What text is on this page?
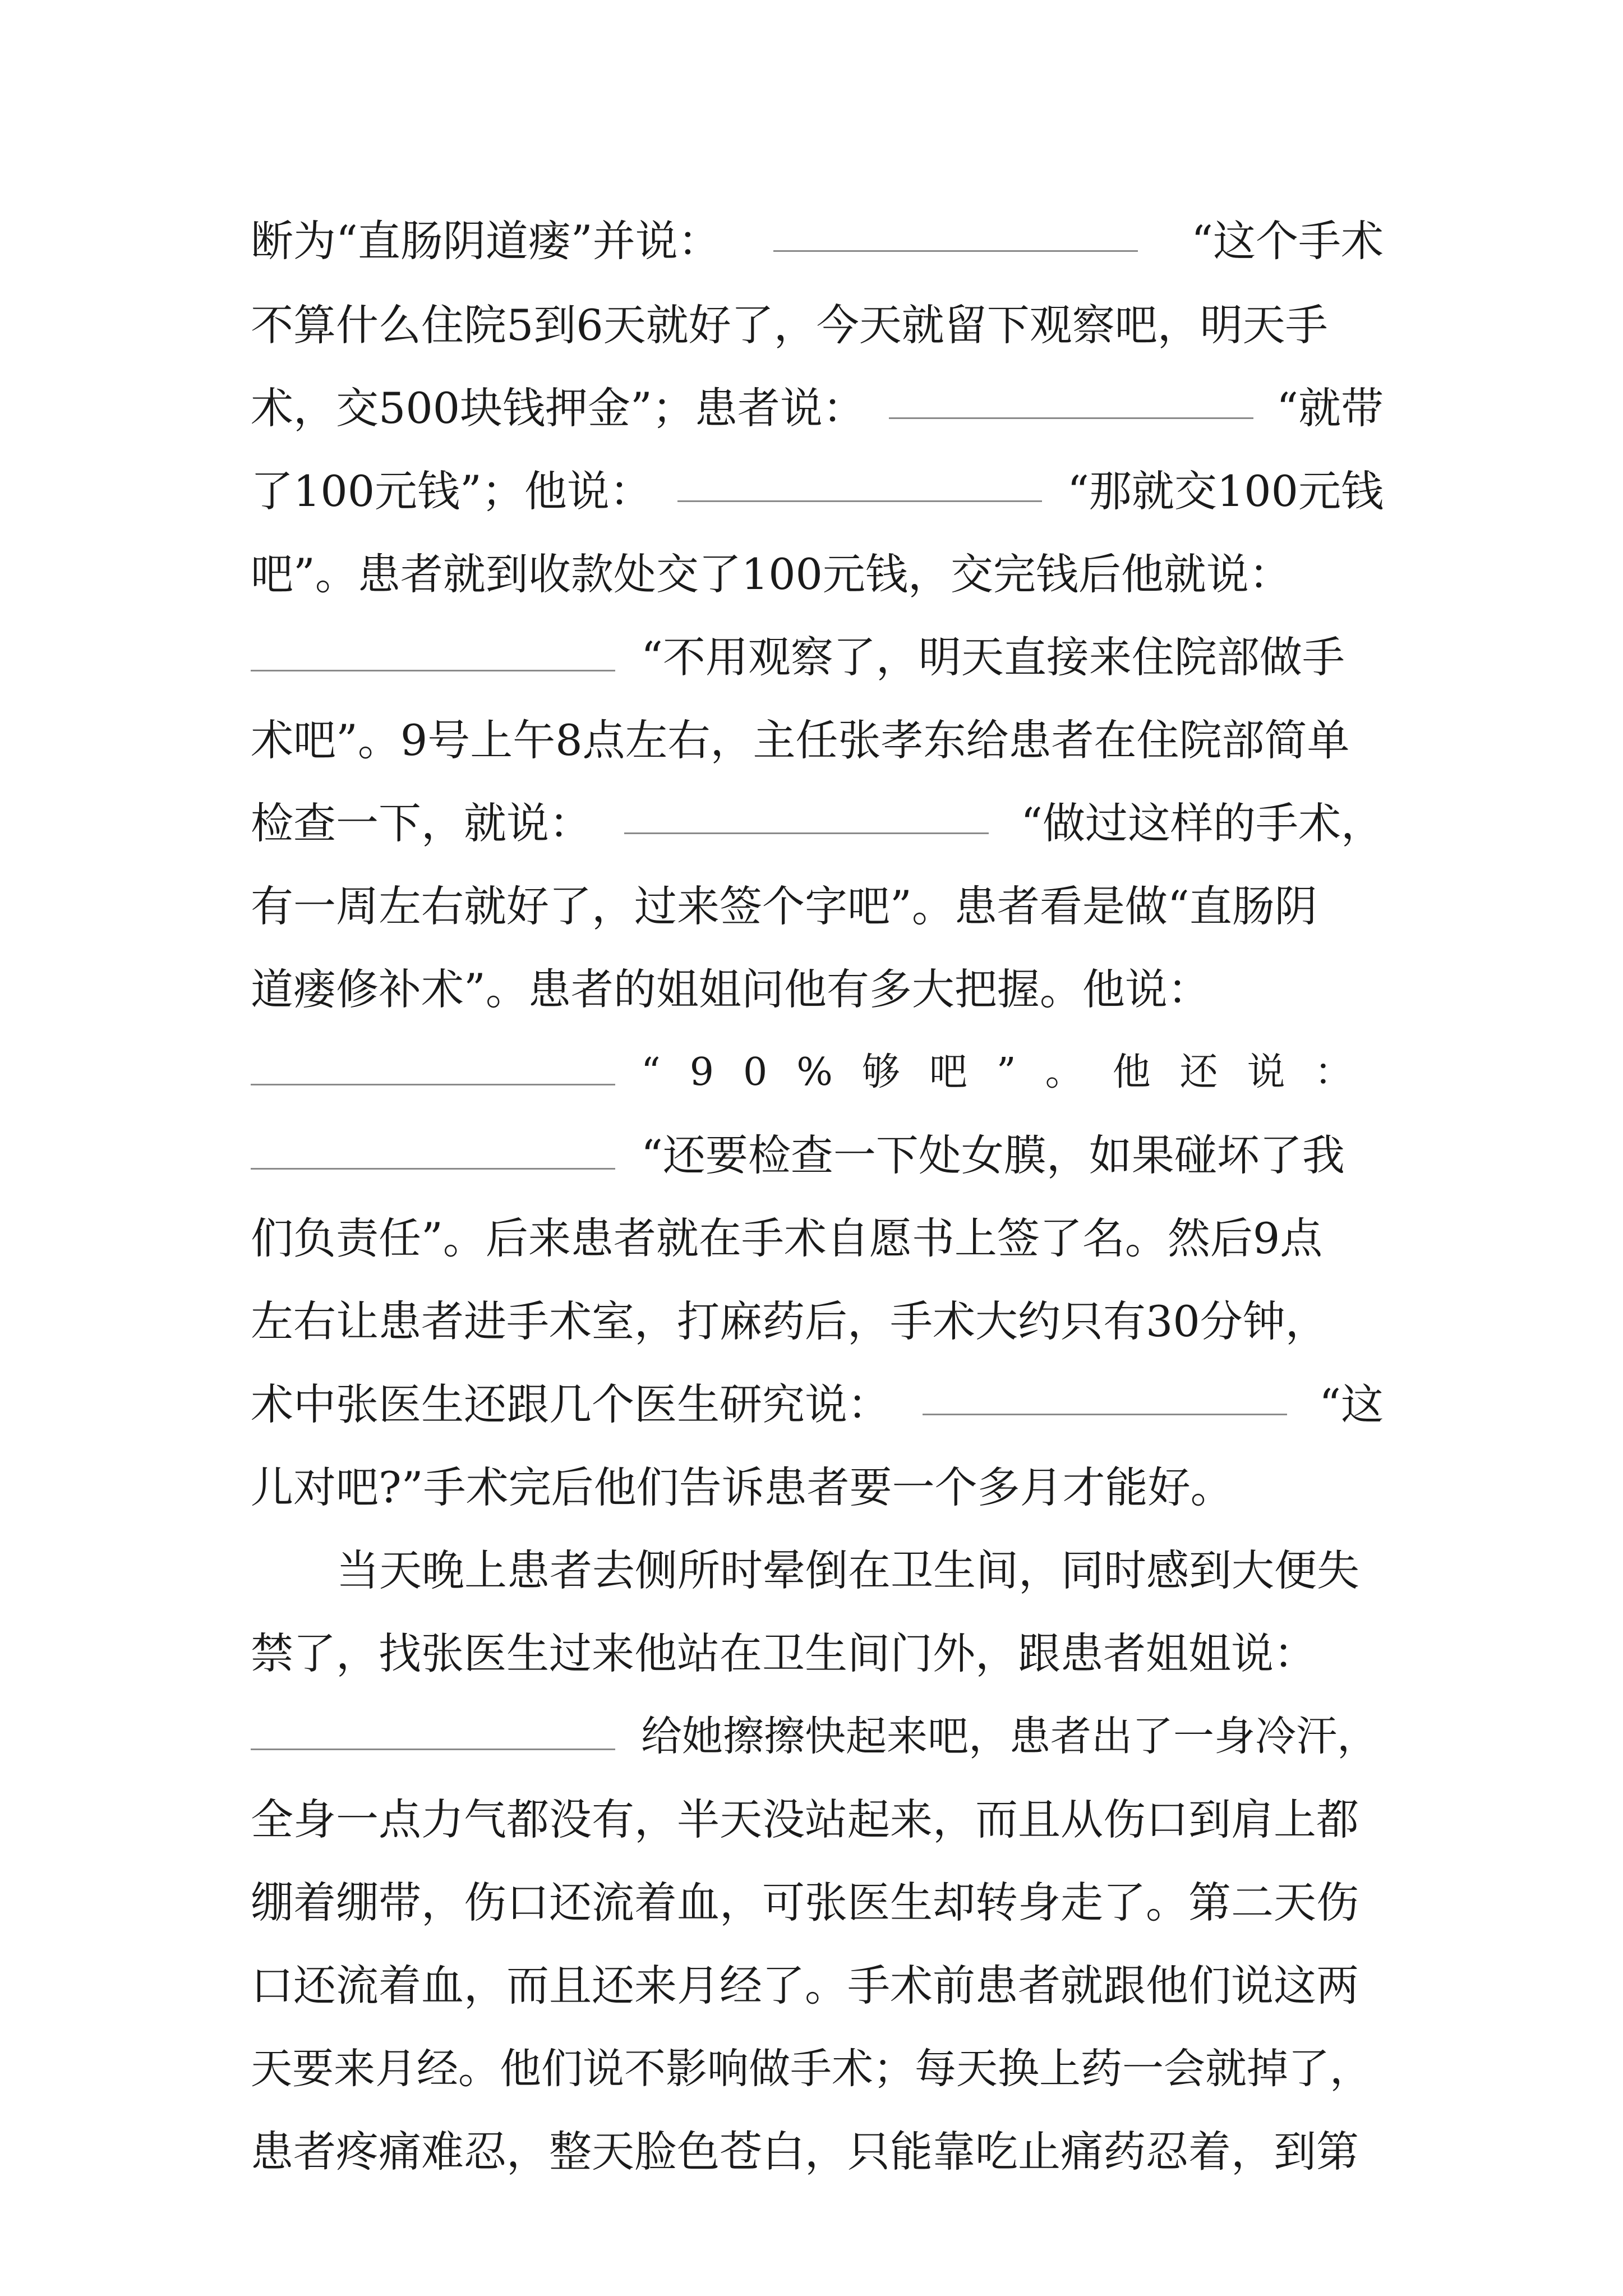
断为“直肠阴道瘘”并说：	“这个手术
不算什么住院5到6天就好了，今天就留下观察吧，明天手
术，交500块钱押金”；患者说：	“就带
了100元钱”；他说：	“那就交100元钱
吧”。患者就到收款处交了100元钱，交完钱后他就说：
“不用观察了，明天直接来住院部做手
术吧”。9号上午8点左右，主任张孝东给患者在住院部简单
检查一下，就说：	“做过这样的手术，
有一周左右就好了，过来签个字吧”。患者看是做“直肠阴
道瘘修补术”。患者的姐姐问他有多大把握。他说：
“90%够吧”。他还说：
“还要检查一下处女膜，如果碰坏了我
们负责任”。后来患者就在手术自愿书上签了名。然后9点
左右让患者进手术室，打麻药后，手术大约只有30分钟，
术中张医生还跟几个医生研究说：	“这
儿对吧?”手术完后他们告诉患者要一个多月才能好。
当天晚上患者去侧所时晕倒在卫生间，同时感到大便失
禁了，找张医生过来他站在卫生间门外，跟患者姐姐说：
给她擦擦快起来吧，患者出了一身冷汗，
全身一点力气都没有，半天没站起来，而且从伤口到肩上都
绷着绷带，伤口还流着血，可张医生却转身走了。第二天伤
口还流着血，而且还来月经了。手术前患者就跟他们说这两
天要来月经。他们说不影响做手术；每天换上药一会就掉了，
患者疼痛难忍，整天脸色苍白，只能靠吃止痛药忍着，到第
